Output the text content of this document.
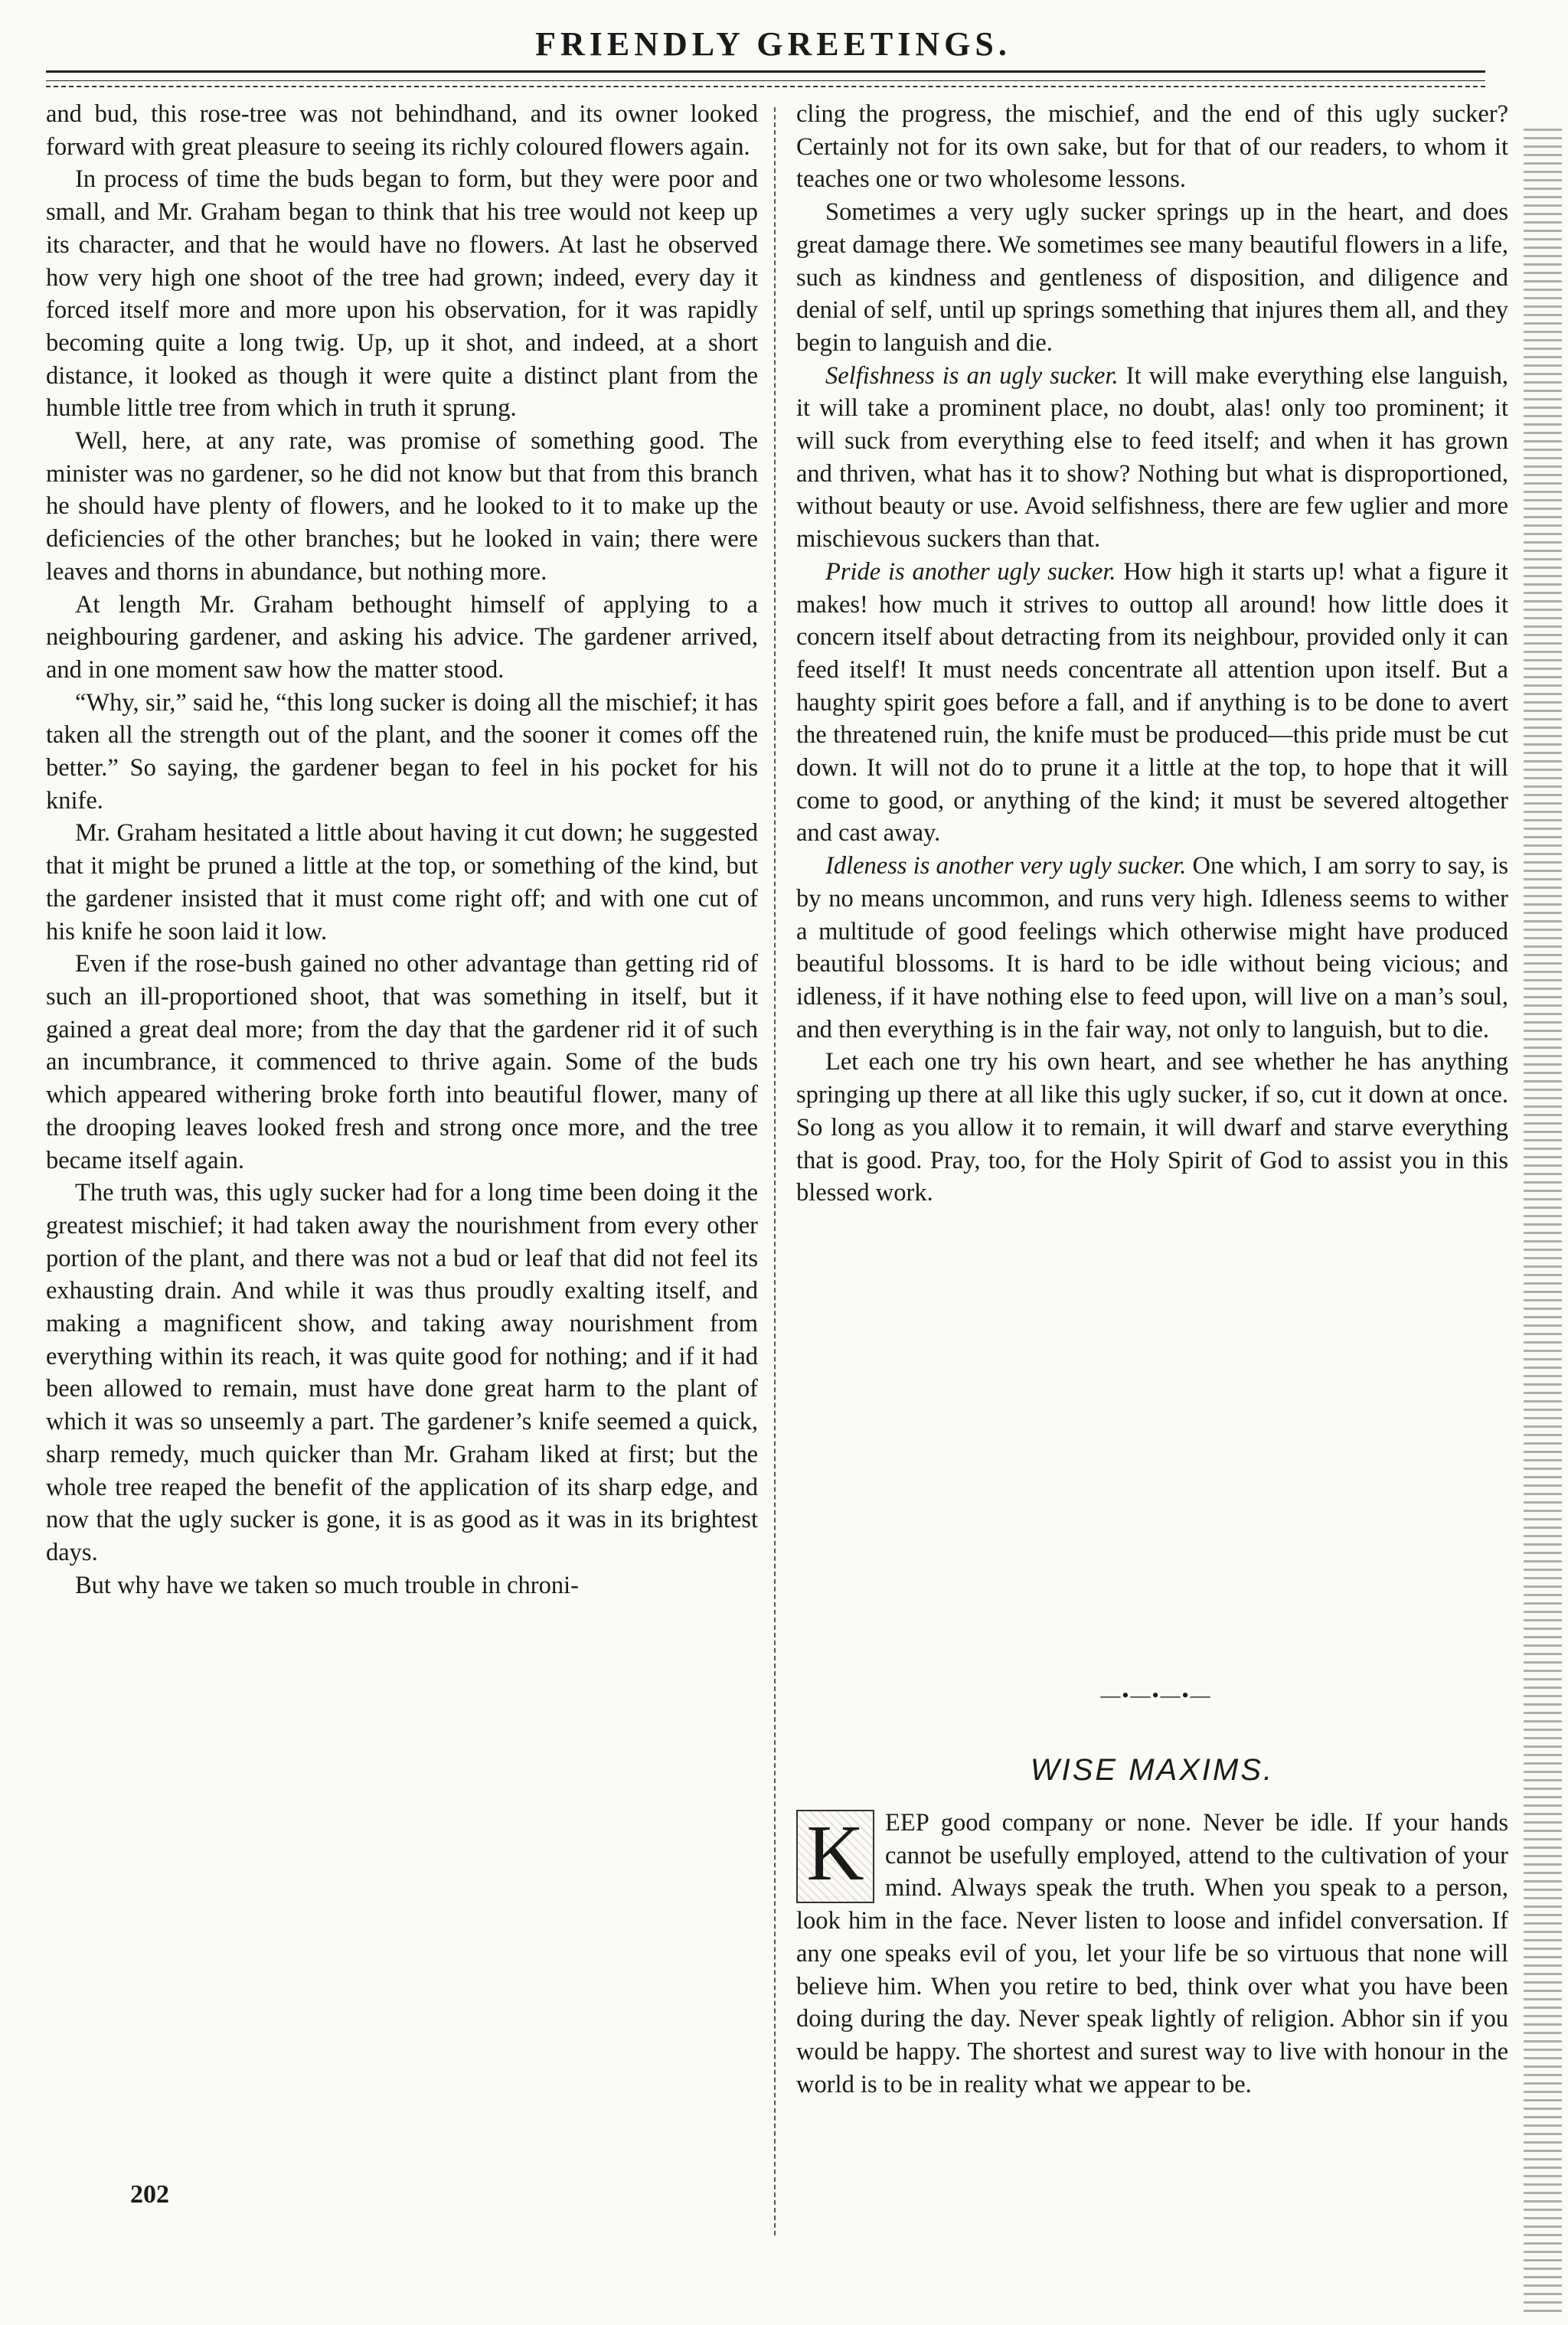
FRIENDLY GREETINGS.

and bud, this rose-tree was not behindhand, and its owner looked forward with great pleasure to seeing its richly coloured flowers again.

In process of time the buds began to form, but they were poor and small, and Mr. Graham began to think that his tree would not keep up its character, and that he would have no flowers. At last he observed how very high one shoot of the tree had grown; indeed, every day it forced itself more and more upon his observation, for it was rapidly becoming quite a long twig. Up, up it shot, and indeed, at a short distance, it looked as though it were quite a distinct plant from the humble little tree from which in truth it sprung.

Well, here, at any rate, was promise of something good. The minister was no gardener, so he did not know but that from this branch he should have plenty of flowers, and he looked to it to make up the deficiencies of the other branches; but he looked in vain; there were leaves and thorns in abundance, but nothing more.

At length Mr. Graham bethought himself of applying to a neighbouring gardener, and asking his advice. The gardener arrived, and in one moment saw how the matter stood.

“Why, sir,” said he, “this long sucker is doing all the mischief; it has taken all the strength out of the plant, and the sooner it comes off the better.” So saying, the gardener began to feel in his pocket for his knife.

Mr. Graham hesitated a little about having it cut down; he suggested that it might be pruned a little at the top, or something of the kind, but the gardener insisted that it must come right off; and with one cut of his knife he soon laid it low.

Even if the rose-bush gained no other advantage than getting rid of such an ill-proportioned shoot, that was something in itself, but it gained a great deal more; from the day that the gardener rid it of such an incumbrance, it commenced to thrive again. Some of the buds which appeared withering broke forth into beautiful flower, many of the drooping leaves looked fresh and strong once more, and the tree became itself again.

The truth was, this ugly sucker had for a long time been doing it the greatest mischief; it had taken away the nourishment from every other portion of the plant, and there was not a bud or leaf that did not feel its exhausting drain. And while it was thus proudly exalting itself, and making a magnificent show, and taking away nourishment from everything within its reach, it was quite good for nothing; and if it had been allowed to remain, must have done great harm to the plant of which it was so unseemly a part. The gardener’s knife seemed a quick, sharp remedy, much quicker than Mr. Graham liked at first; but the whole tree reaped the benefit of the application of its sharp edge, and now that the ugly sucker is gone, it is as good as it was in its brightest days.

But why have we taken so much trouble in chroni-

cling the progress, the mischief, and the end of this ugly sucker? Certainly not for its own sake, but for that of our readers, to whom it teaches one or two wholesome lessons.

Sometimes a very ugly sucker springs up in the heart, and does great damage there. We sometimes see many beautiful flowers in a life, such as kindness and gentleness of disposition, and diligence and denial of self, until up springs something that injures them all, and they begin to languish and die.

Selfishness is an ugly sucker. It will make everything else languish, it will take a prominent place, no doubt, alas! only too prominent; it will suck from everything else to feed itself; and when it has grown and thriven, what has it to show? Nothing but what is disproportioned, without beauty or use. Avoid selfishness, there are few uglier and more mischievous suckers than that.

Pride is another ugly sucker. How high it starts up! what a figure it makes! how much it strives to outtop all around! how little does it concern itself about detracting from its neighbour, provided only it can feed itself! It must needs concentrate all attention upon itself. But a haughty spirit goes before a fall, and if anything is to be done to avert the threatened ruin, the knife must be produced—this pride must be cut down. It will not do to prune it a little at the top, to hope that it will come to good, or anything of the kind; it must be severed altogether and cast away.

Idleness is another very ugly sucker. One which, I am sorry to say, is by no means uncommon, and runs very high. Idleness seems to wither a multitude of good feelings which otherwise might have produced beautiful blossoms. It is hard to be idle without being vicious; and idleness, if it have nothing else to feed upon, will live on a man’s soul, and then everything is in the fair way, not only to languish, but to die.

Let each one try his own heart, and see whether he has anything springing up there at all like this ugly sucker, if so, cut it down at once. So long as you allow it to remain, it will dwarf and starve everything that is good. Pray, too, for the Holy Spirit of God to assist you in this blessed work.

—•—•—•—
WISE MAXIMS.
K EEP good company or none. Never be idle. If your hands cannot be usefully employed, attend to the cultivation of your mind. Always speak the truth. When you speak to a person, look him in the face. Never listen to loose and infidel conversation. If any one speaks evil of you, let your life be so virtuous that none will believe him. When you retire to bed, think over what you have been doing during the day. Never speak lightly of religion. Abhor sin if you would be happy. The shortest and surest way to live with honour in the world is to be in reality what we appear to be.
202
